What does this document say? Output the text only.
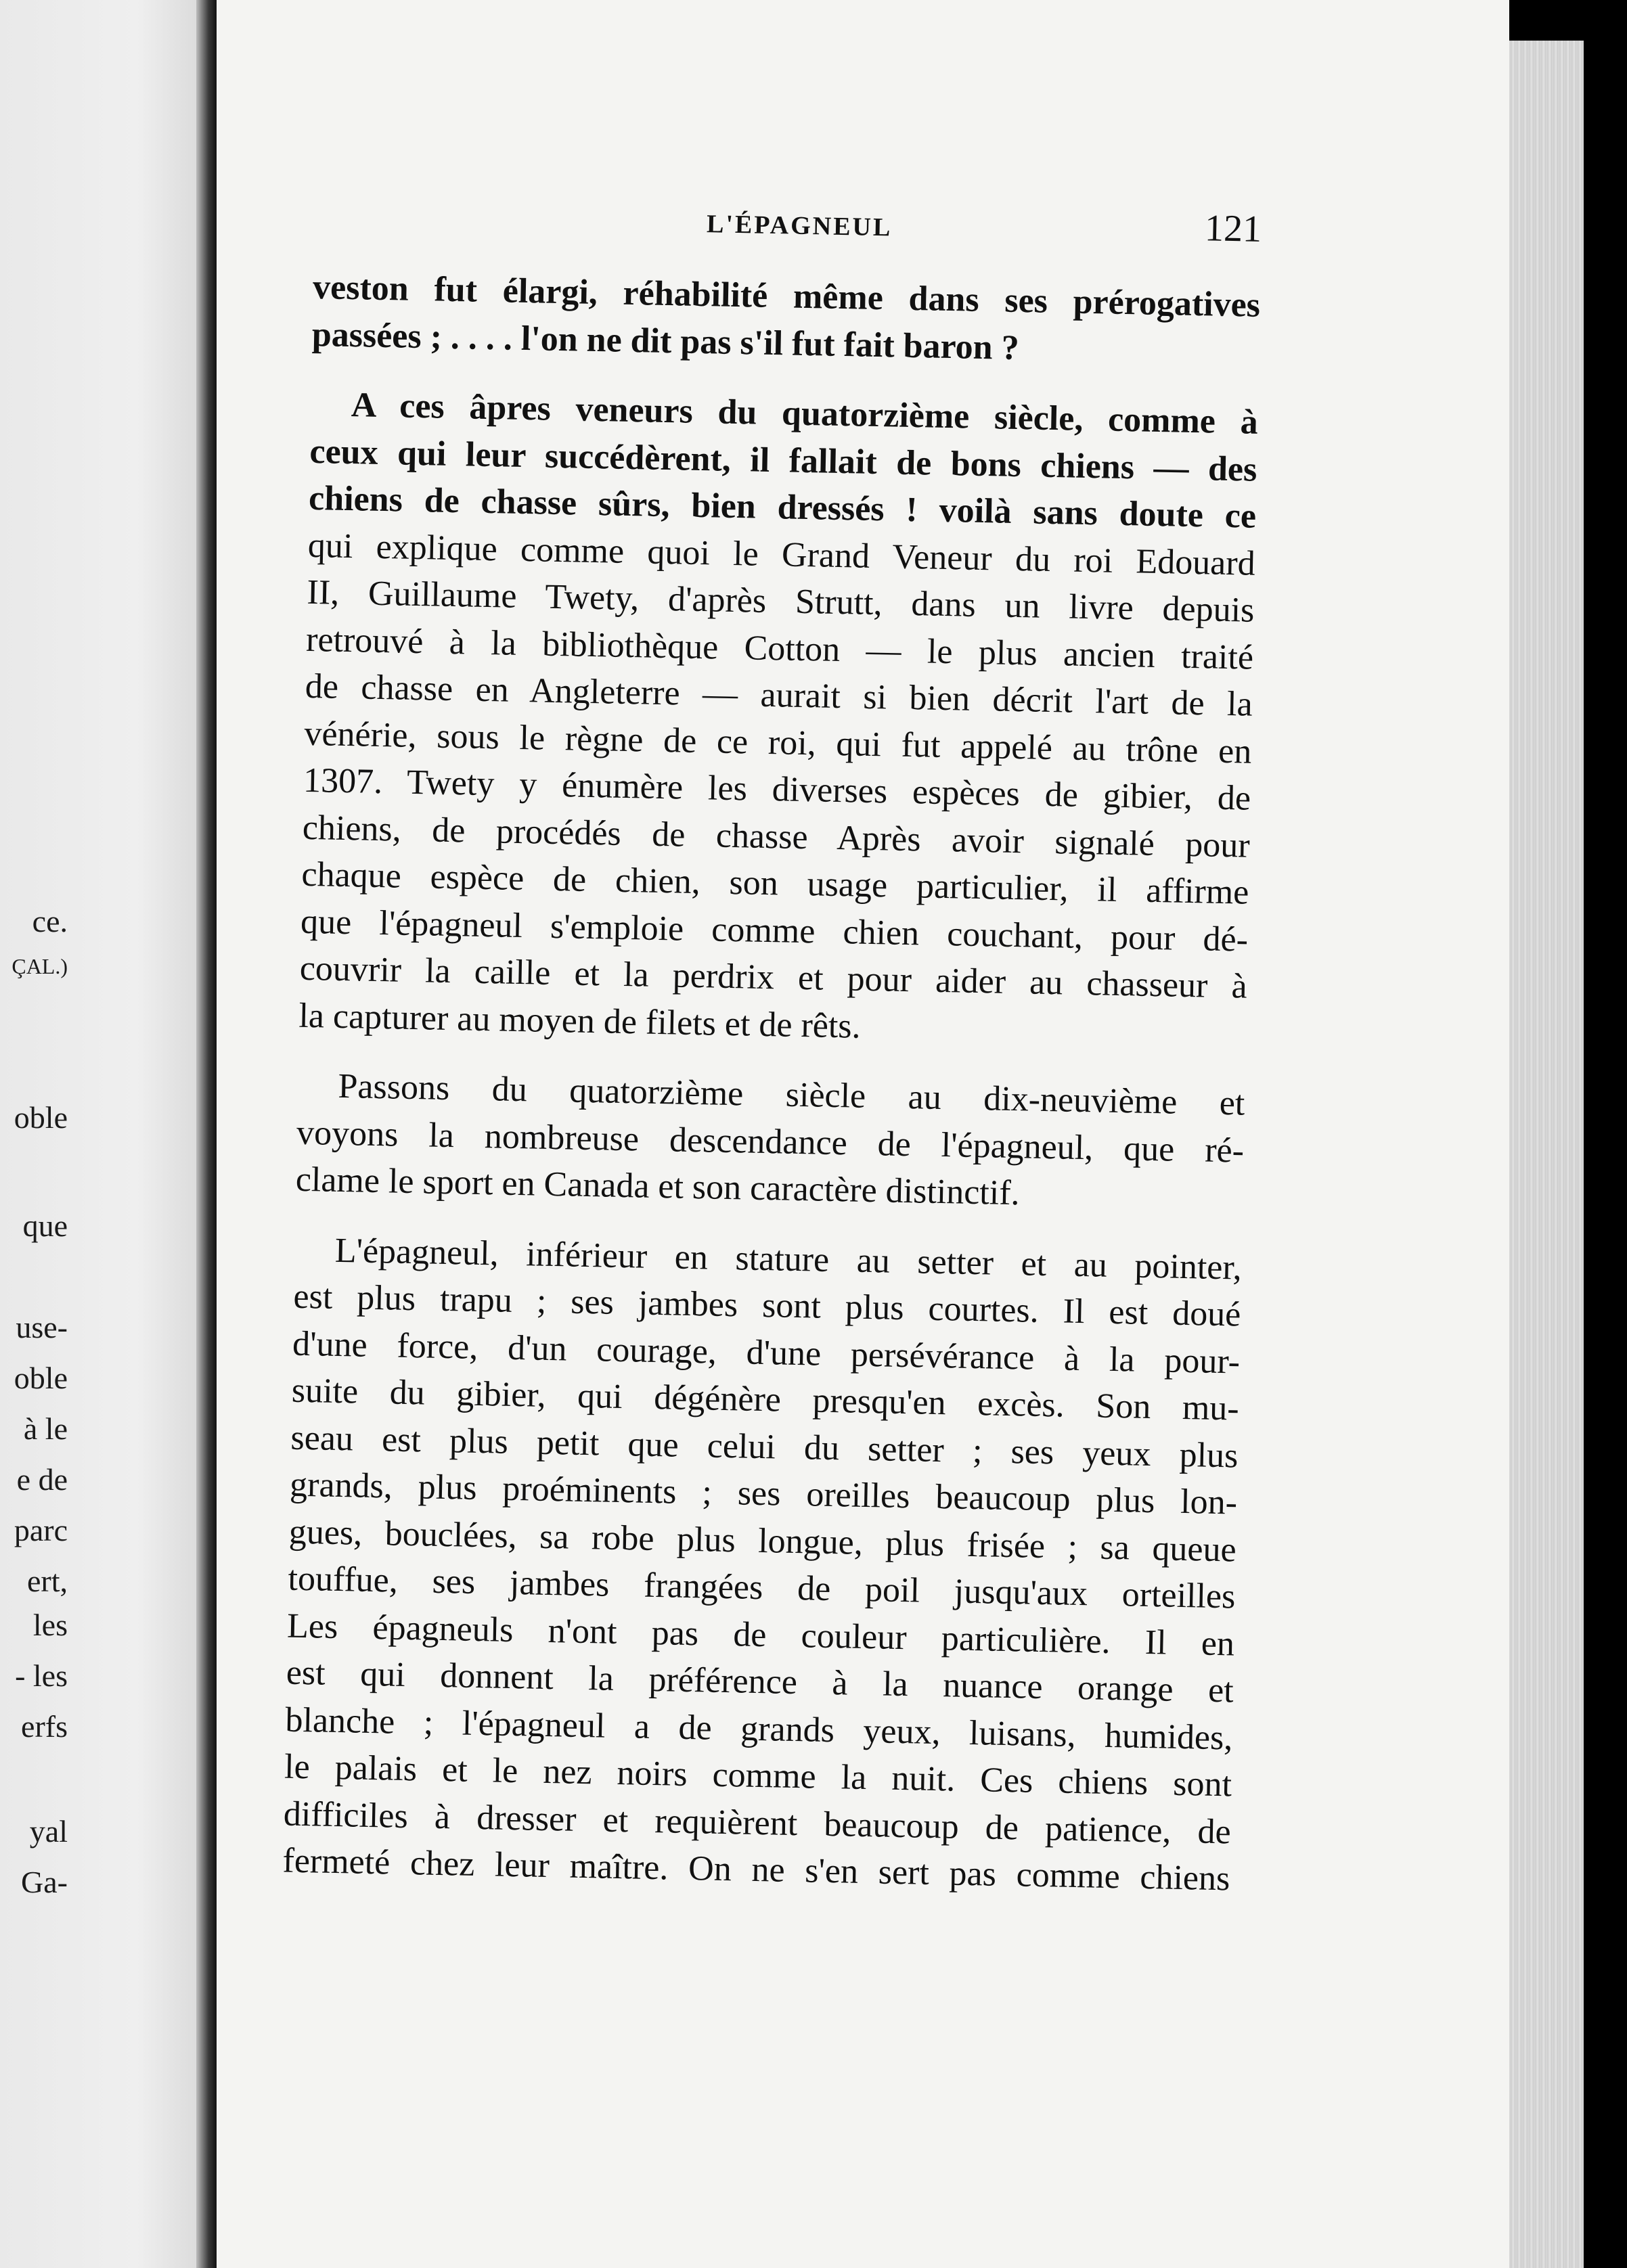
ce.
ÇAL.)
oble
que
use-
oble
à le
e de
parc
ert,
les
- les
erfs
yal
Ga-
L'ÉPAGNEUL	121

veston fut élargi, réhabilité même dans ses prérogatives
passées ; . . . . l'on ne dit pas s'il fut fait baron ?

A ces âpres veneurs du quatorzième siècle, comme à
ceux qui leur succédèrent, il fallait de bons chiens — des
chiens de chasse sûrs, bien dressés ! voilà sans doute ce

qui explique comme quoi le Grand Veneur du roi Edouard
II, Guillaume Twety, d'après Strutt, dans un livre depuis
retrouvé à la bibliothèque Cotton — le plus ancien traité
de chasse en Angleterre — aurait si bien décrit l'art de la
vénérie, sous le règne de ce roi, qui fut appelé au trône en
1307. Twety y énumère les diverses espèces de gibier, de
chiens, de procédés de chasse Après avoir signalé pour
chaque espèce de chien, son usage particulier, il affirme
que l'épagneul s'emploie comme chien couchant, pour dé-
couvrir la caille et la perdrix et pour aider au chasseur à
la capturer au moyen de filets et de rêts.

Passons du quatorzième siècle au dix-neuvième et
voyons la nombreuse descendance de l'épagneul, que ré-
clame le sport en Canada et son caractère distinctif.

L'épagneul, inférieur en stature au setter et au pointer,
est plus trapu ; ses jambes sont plus courtes. Il est doué
d'une force, d'un courage, d'une persévérance à la pour-
suite du gibier, qui dégénère presqu'en excès. Son mu-
seau est plus petit que celui du setter ; ses yeux plus
grands, plus proéminents ; ses oreilles beaucoup plus lon-
gues, bouclées, sa robe plus longue, plus frisée ; sa queue
touffue, ses jambes frangées de poil jusqu'aux orteilles
Les épagneuls n'ont pas de couleur particulière. Il en
est qui donnent la préférence à la nuance orange et
blanche ; l'épagneul a de grands yeux, luisans, humides,
le palais et le nez noirs comme la nuit. Ces chiens sont
difficiles à dresser et requièrent beaucoup de patience, de
fermeté chez leur maître. On ne s'en sert pas comme chiens
